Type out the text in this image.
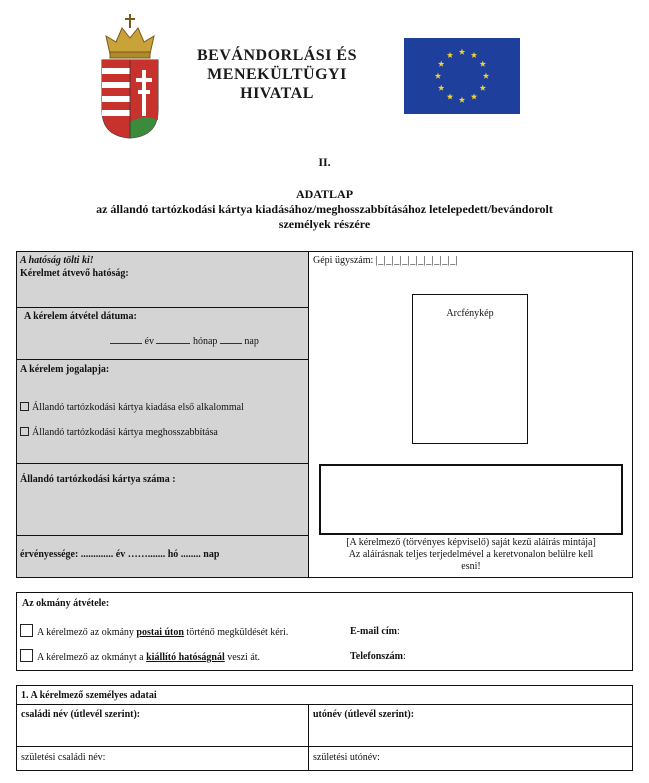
BEVÁNDORLÁSI ÉS
MENEKÜLTÜGYI
HIVATAL
II.
ADATLAP
az állandó tartózkodási kártya kiadásához/meghosszabbításához letelepedett/bevándorolt
személyek részére
A hatóság tölti ki!
Kérelmet átvevő hatóság:
A kérelem átvétel dátuma:
év	hónap	nap
A kérelem jogalapja:
Állandó tartózkodási kártya kiadása első alkalommal
Állandó tartózkodási kártya meghosszabbítása
Állandó tartózkodási kártya száma :
érvényessége: ............. év ……....... hó ........ nap
Gépi ügyszám: |_|_|_|_|_|_|_|_|_|_|
Arcfénykép
[A kérelmező (törvényes képviselő) saját kezű aláírás mintája]
Az aláírásnak teljes terjedelmével a keretvonalon belülre kell
esni!
Az okmány átvétele:
A kérelmező az okmány postai úton történő megküldését kéri.	E-mail cím:
A kérelmező az okmányt a kiállító hatóságnál veszi át.	Telefonszám:
1. A kérelmező személyes adatai
családi név (útlevél szerint):	utónév (útlevél szerint):
születési családi név:	születési utónév:
